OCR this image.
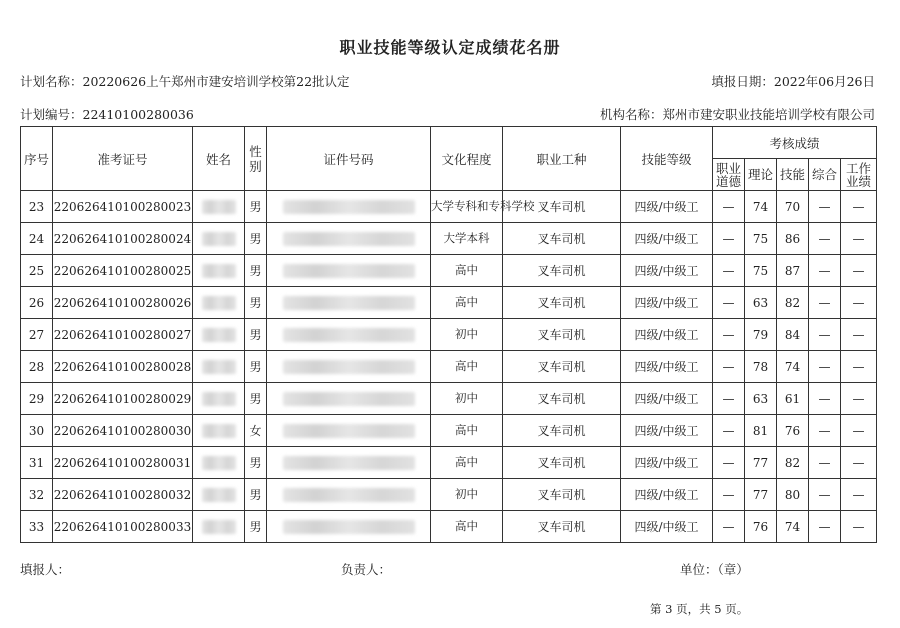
职业技能等级认定成绩花名册
计划名称：20220626上午郑州市建安培训学校第22批认定	填报日期：2022年06月26日
计划编号：22410100280036	机构名称：郑州市建安职业技能培训学校有限公司
序号	准考证号	姓名	性别	证件号码	文化程度	职业工种	技能等级	考核成绩				
								职业道德	理论	技能	综合	工作业绩
23	220626410100280023		男		大学专科和专科学校	叉车司机	四级/中级工	—	74	70	—	—
24	220626410100280024		男		大学本科	叉车司机	四级/中级工	—	75	86	—	—
25	220626410100280025		男		高中	叉车司机	四级/中级工	—	75	87	—	—
26	220626410100280026		男		高中	叉车司机	四级/中级工	—	63	82	—	—
27	220626410100280027		男		初中	叉车司机	四级/中级工	—	79	84	—	—
28	220626410100280028		男		高中	叉车司机	四级/中级工	—	78	74	—	—
29	220626410100280029		男		初中	叉车司机	四级/中级工	—	63	61	—	—
30	220626410100280030		女		高中	叉车司机	四级/中级工	—	81	76	—	—
31	220626410100280031		男		高中	叉车司机	四级/中级工	—	77	82	—	—
32	220626410100280032		男		初中	叉车司机	四级/中级工	—	77	80	—	—
33	220626410100280033		男		高中	叉车司机	四级/中级工	—	76	74	—	—
填报人：	负责人：	单位：（章）
第 3 页，共 5 页。
